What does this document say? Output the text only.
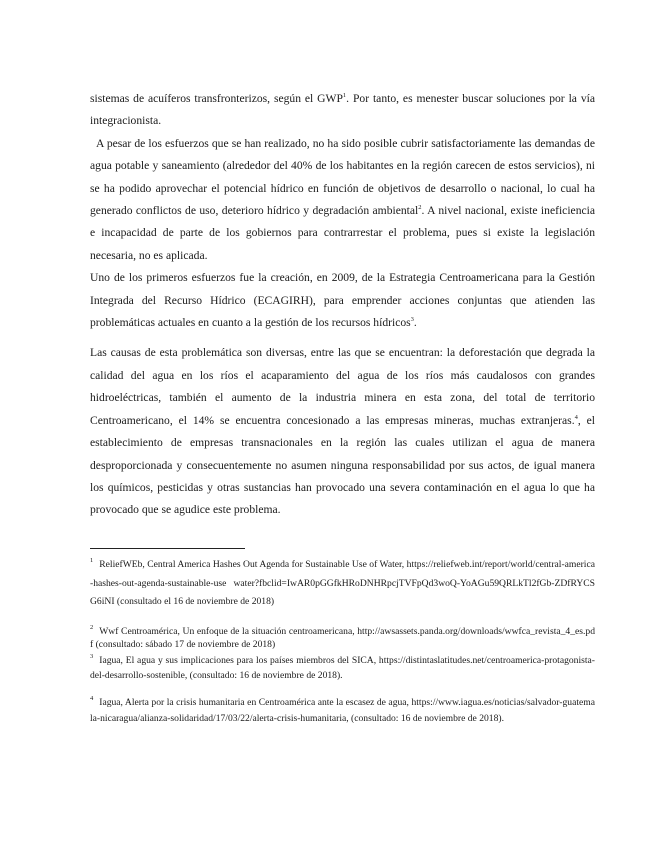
sistemas de acuíferos transfronterizos, según el GWP$^1$. Por tanto, es menester buscar soluciones por la vía integracionista.

A pesar de los esfuerzos que se han realizado, no ha sido posible cubrir satisfactoriamente las demandas de agua potable y saneamiento (alrededor del 40% de los habitantes en la región carecen de estos servicios), ni se ha podido aprovechar el potencial hídrico en función de objetivos de desarrollo o nacional, lo cual ha generado conflictos de uso, deterioro hídrico y degradación ambiental$^2$. A nivel nacional, existe ineficiencia e incapacidad de parte de los gobiernos para contrarrestar el problema, pues si existe la legislación necesaria, no es aplicada.

Uno de los primeros esfuerzos fue la creación, en 2009, de la Estrategia Centroamericana para la Gestión Integrada del Recurso Hídrico (ECAGIRH), para emprender acciones conjuntas que atienden las problemáticas actuales en cuanto a la gestión de los recursos hídricos$^3$.

Las causas de esta problemática son diversas, entre las que se encuentran: la deforestación que degrada la calidad del agua en los ríos el acaparamiento del agua de los ríos más caudalosos con grandes hidroeléctricas, también el aumento de la industria minera en esta zona, del total de territorio Centroamericano, el 14% se encuentra concesionado a las empresas mineras, muchas extranjeras.$^4$, el establecimiento de empresas transnacionales en la región las cuales utilizan el agua de manera desproporcionada y consecuentemente no asumen ninguna responsabilidad por sus actos, de igual manera los químicos, pesticidas y otras sustancias han provocado una severa contaminación en el agua lo que ha provocado que se agudice este problema.

$^1$ ReliefWEb, Central America Hashes Out Agenda for Sustainable Use of Water, https://reliefweb.int/report/world/central-america-hashes-out-agenda-sustainable-use water?fbclid=IwAR0pGGfkHRoDNHRpcjTVFpQd3woQ-YoAGu59QRLkTl2fGb-ZDfRYCSG6iNI (consultado el 16 de noviembre de 2018)

$^2$ Wwf Centroamérica, Un enfoque de la situación centroamericana, http://awsassets.panda.org/downloads/wwfca_revista_4_es.pdf (consultado: sábado 17 de noviembre de 2018)

$^3$ Iagua, El agua y sus implicaciones para los países miembros del SICA, https://distintaslatitudes.net/centroamerica-protagonista-del-desarrollo-sostenible, (consultado: 16 de noviembre de 2018).

$^4$ Iagua, Alerta por la crisis humanitaria en Centroamérica ante la escasez de agua, https://www.iagua.es/noticias/salvador-guatemala-nicaragua/alianza-solidaridad/17/03/22/alerta-crisis-humanitaria, (consultado: 16 de noviembre de 2018).
